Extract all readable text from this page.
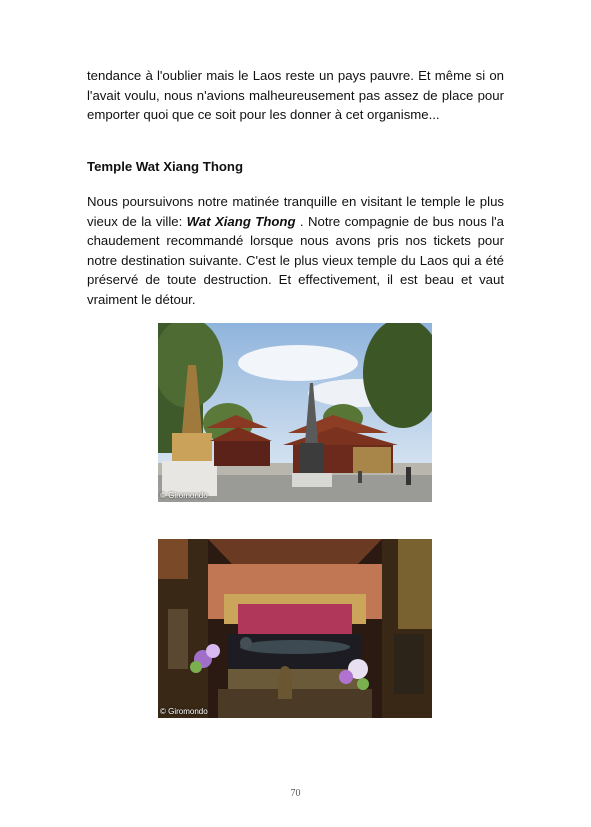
tendance à l'oublier mais le Laos reste un pays pauvre. Et même si on l'avait voulu, nous n'avions malheureusement pas assez de place pour emporter quoi que ce soit pour les donner à cet organisme...

Temple Wat Xiang Thong

Nous poursuivons notre matinée tranquille en visitant le temple le plus vieux de la ville: Wat Xiang Thong . Notre compagnie de bus nous l'a chaudement recommandé lorsque nous avons pris nos tickets pour notre destination suivante. C'est le plus vieux temple du Laos qui a été préservé de toute destruction. Et effectivement, il est beau et vaut vraiment le détour.

© Giromondo
© Giromondo
70
